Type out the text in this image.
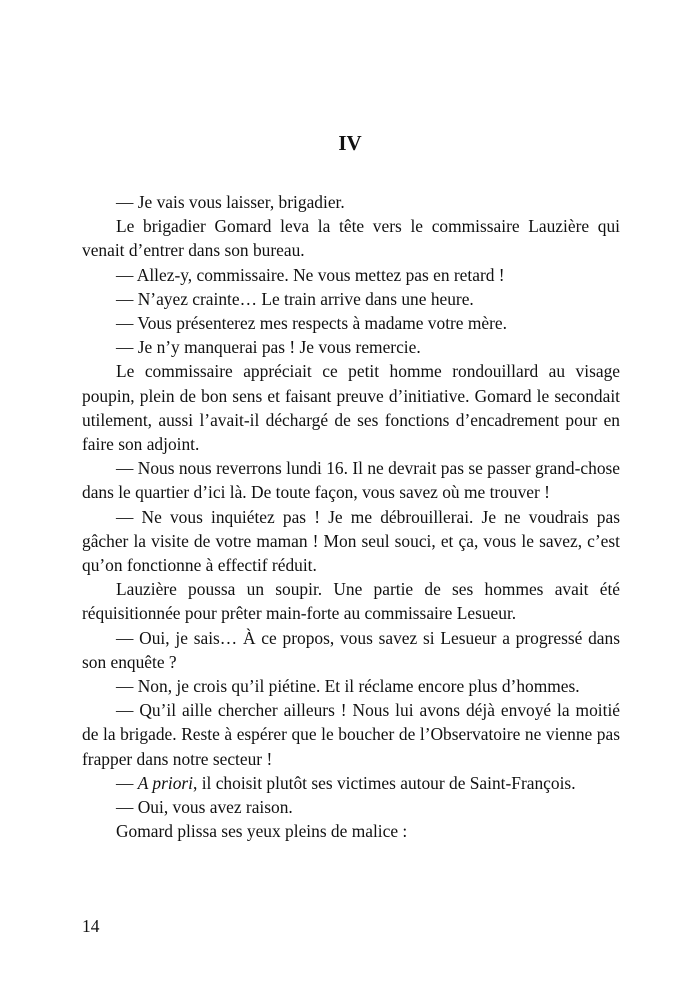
IV

— Je vais vous laisser, brigadier.

Le brigadier Gomard leva la tête vers le commissaire Lauzière qui venait d’entrer dans son bureau.

— Allez-y, commissaire. Ne vous mettez pas en retard !

— N’ayez crainte… Le train arrive dans une heure.

— Vous présenterez mes respects à madame votre mère.

— Je n’y manquerai pas ! Je vous remercie.

Le commissaire appréciait ce petit homme rondouillard au visage poupin, plein de bon sens et faisant preuve d’initiative. Gomard le secondait utilement, aussi l’avait-il déchargé de ses fonctions d’encadrement pour en faire son adjoint.

— Nous nous reverrons lundi 16. Il ne devrait pas se passer grand-chose dans le quartier d’ici là. De toute façon, vous savez où me trouver !

— Ne vous inquiétez pas ! Je me débrouillerai. Je ne voudrais pas gâcher la visite de votre maman ! Mon seul souci, et ça, vous le savez, c’est qu’on fonctionne à effectif réduit.

Lauzière poussa un soupir. Une partie de ses hommes avait été réquisitionnée pour prêter main-forte au commissaire Lesueur.

— Oui, je sais… À ce propos, vous savez si Lesueur a progressé dans son enquête ?

— Non, je crois qu’il piétine. Et il réclame encore plus d’hommes.

— Qu’il aille chercher ailleurs ! Nous lui avons déjà envoyé la moitié de la brigade. Reste à espérer que le boucher de l’Observatoire ne vienne pas frapper dans notre secteur !

— A priori, il choisit plutôt ses victimes autour de Saint-François.

— Oui, vous avez raison.

Gomard plissa ses yeux pleins de malice :

14
